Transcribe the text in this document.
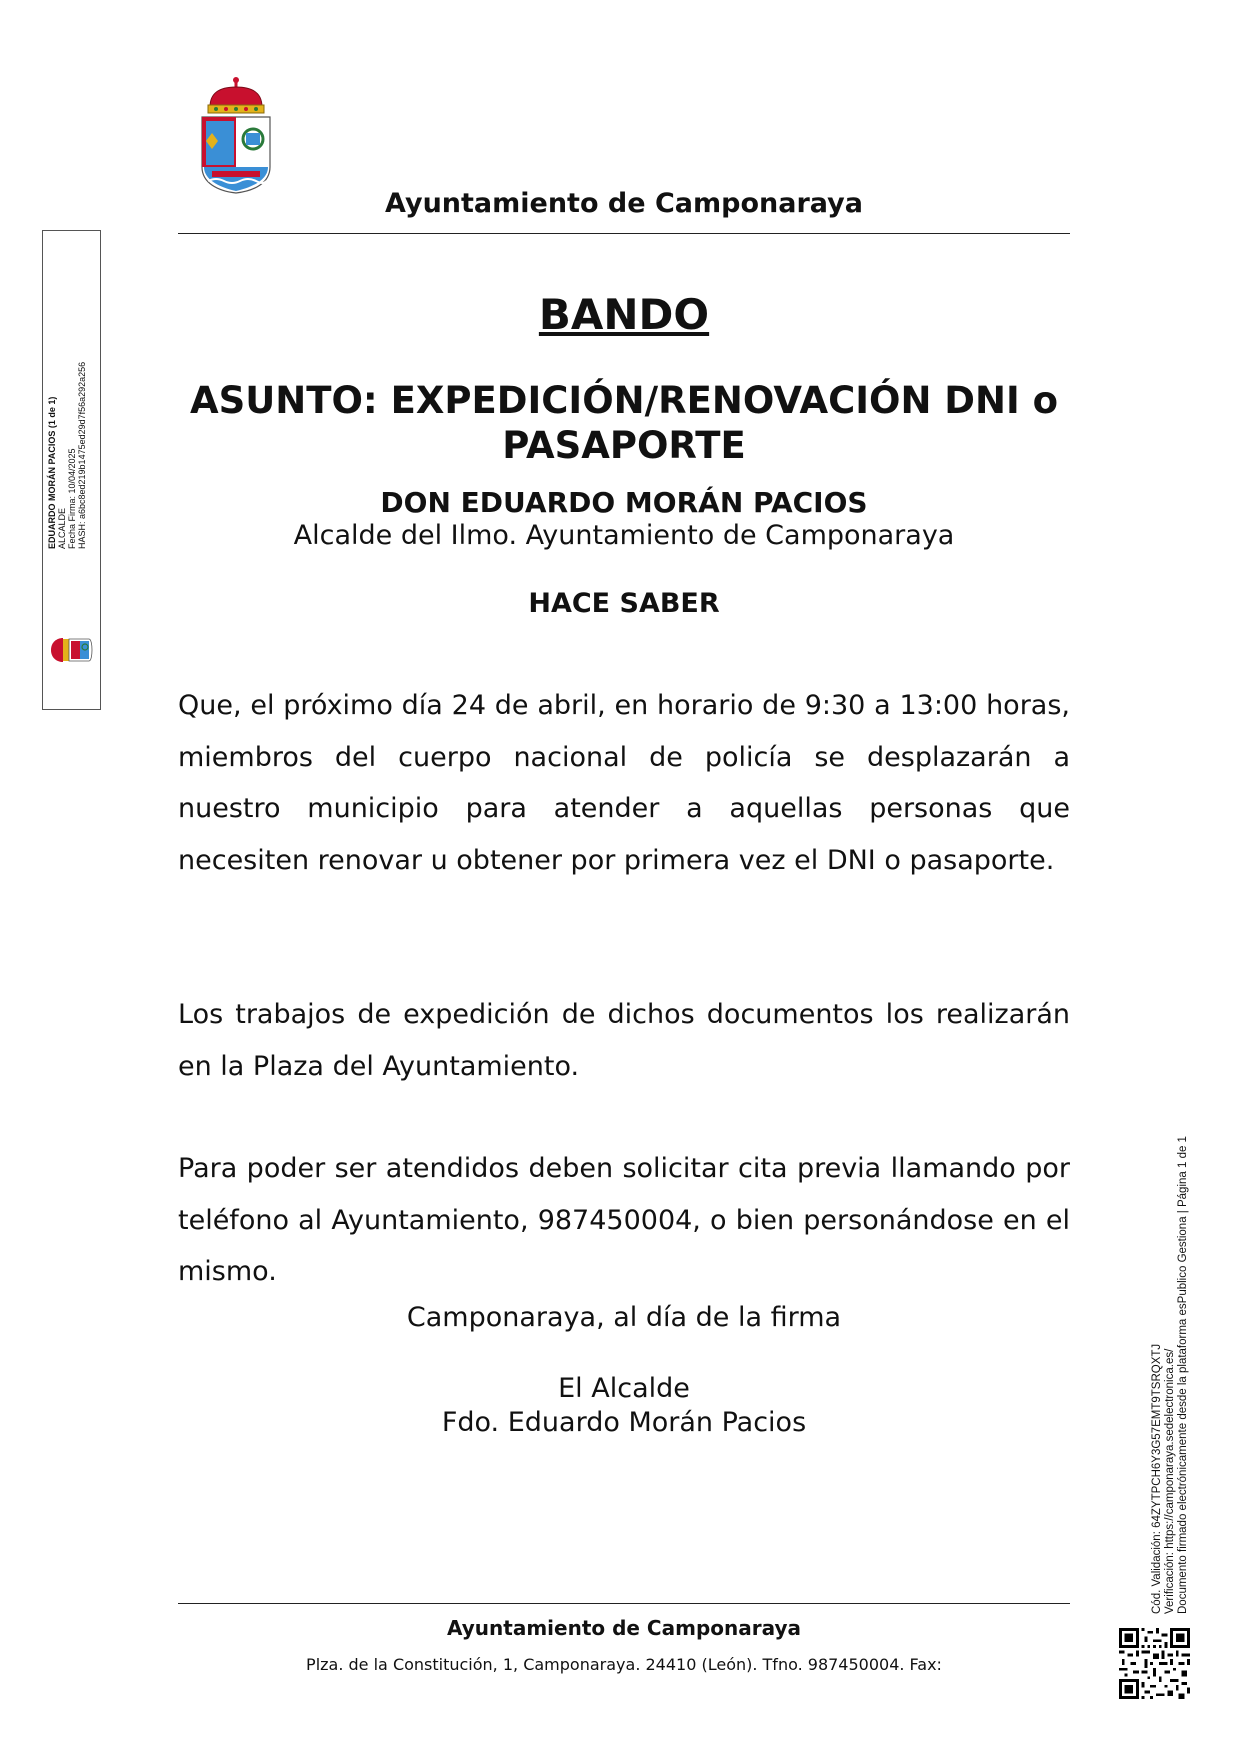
Ayuntamiento de Camponaraya
BANDO
ASUNTO: EXPEDICIÓN/RENOVACIÓN DNI o
PASAPORTE
DON EDUARDO MORÁN PACIOS
Alcalde del Ilmo. Ayuntamiento de Camponaraya
HACE SABER
Que, el próximo día 24 de abril, en horario de 9:30 a 13:00 horas, miembros del cuerpo nacional de policía se desplazarán a nuestro municipio para atender a aquellas personas que necesiten renovar u obtener por primera vez el DNI o pasaporte.
Los trabajos de expedición de dichos documentos los realizarán en la Plaza del Ayuntamiento.
Para poder ser atendidos deben solicitar cita previa llamando por teléfono al Ayuntamiento, 987450004, o bien personándose en el mismo.
Camponaraya, al día de la firma
El Alcalde
Fdo. Eduardo Morán Pacios
Ayuntamiento de Camponaraya
Plza. de la Constitución, 1, Camponaraya. 24410 (León). Tfno. 987450004. Fax:
EDUARDO MORÁN PACIOS (1 de 1) ALCALDE Fecha Firma: 10/04/2025 HASH: a6bc8ed219b1475ed29d7f56a292a256
Cód. Validación: 64ZYTPCH6Y3G57EMT9TSRQXTJ Verificación: https://camponaraya.sedelectronica.es/ Documento firmado electrónicamente desde la plataforma esPublico Gestiona | Página 1 de 1
